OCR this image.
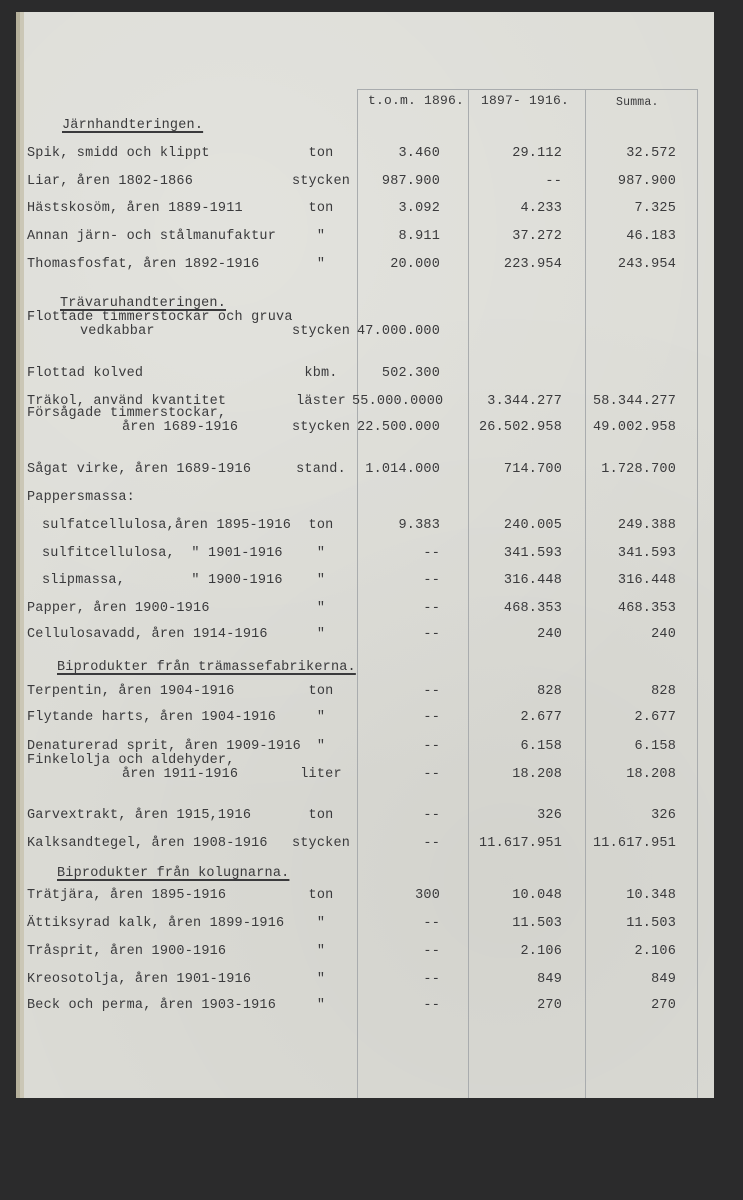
t.o.m. 1896. 1897- 1916.	Summa.
Järnhandteringen.
Spik, smidd och klippt	ton	3.460	29.112	32.572
Liar, åren 1802-1866	stycken	987.900	--	987.900
Hästskosöm, åren 1889-1911	ton	3.092	4.233	7.325
Annan järn- och stålmanufaktur	"	8.911	37.272	46.183
Thomasfosfat, åren 1892-1916	"	20.000	223.954	243.954
Trävaruhandteringen.
Flottade timmerstockar och gruva
vedkabbar	stycken 47.000.000
Flottad kolved	kbm.	502.300
Träkol, använd kvantitet	läster 55.000.0000	3.344.277	58.344.277
Försågade timmerstockar,
åren 1689-1916	stycken 22.500.000	26.502.958	49.002.958
Sågat virke, åren 1689-1916	stand.	1.014.000	714.700	1.728.700
Pappersmassa:
sulfatcellulosa,åren 1895-1916	ton	9.383	240.005	249.388
sulfitcellulosa,  " 1901-1916	"	--	341.593	341.593
slipmassa,        " 1900-1916	"	--	316.448	316.448
Papper, åren 1900-1916	"	--	468.353	468.353
Cellulosavadd, åren 1914-1916	"	--	240	240
Biprodukter från trämassefabrikerna.
Terpentin, åren 1904-1916	ton	--	828	828
Flytande harts, åren 1904-1916	"	--	2.677	2.677
Denaturerad sprit, åren 1909-1916	"	--	6.158	6.158
Finkelolja och aldehyder,
åren 1911-1916	liter	--	18.208	18.208
Garvextrakt, åren 1915,1916	ton	--	326	326
Kalksandtegel, åren 1908-1916	stycken	--	11.617.951	11.617.951
Biprodukter från kolugnarna.
Trätjära, åren 1895-1916	ton	300	10.048	10.348
Ättiksyrad kalk, åren 1899-1916	"	--	11.503	11.503
Tråsprit, åren 1900-1916	"	--	2.106	2.106
Kreosotolja, åren 1901-1916	"	--	849	849
Beck och perma, åren 1903-1916	"	--	270	270
